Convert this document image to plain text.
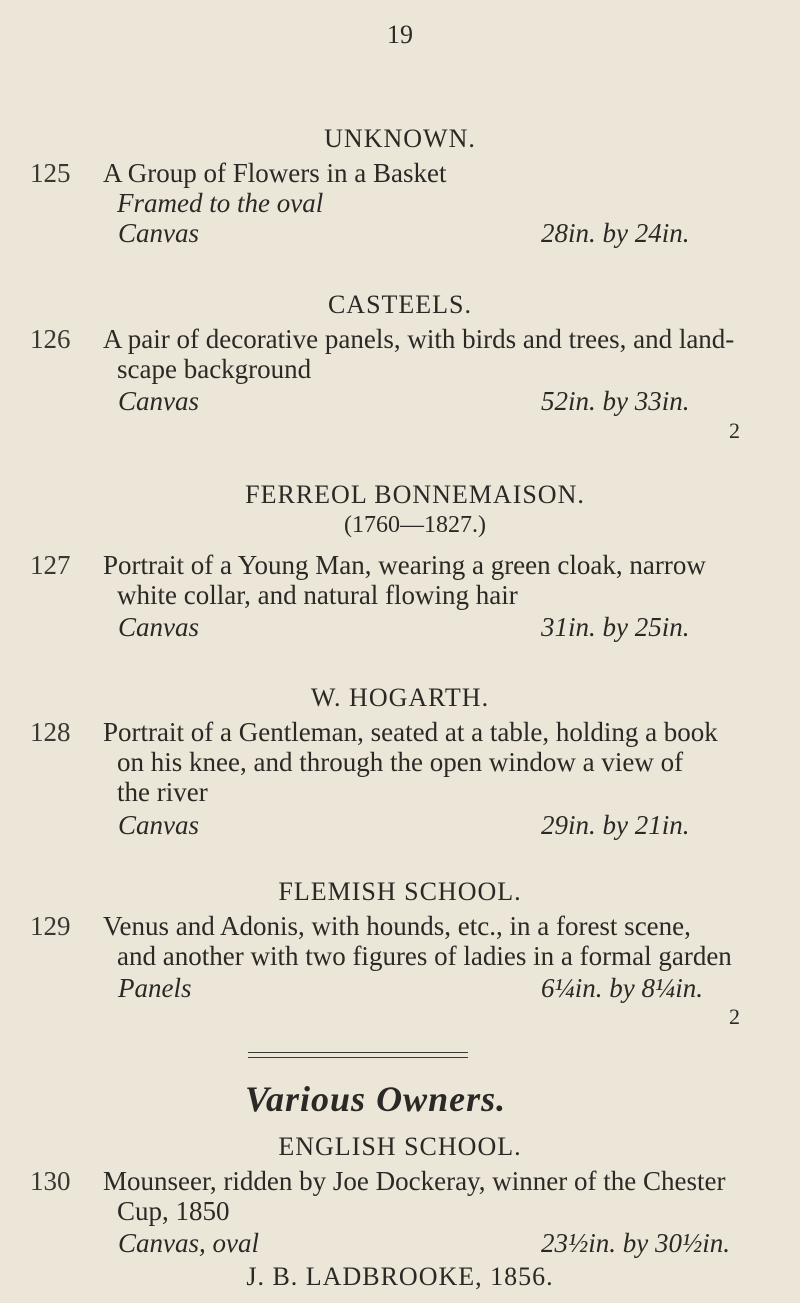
19
UNKNOWN.
125 A Group of Flowers in a Basket
Framed to the oval
Canvas	28in. by 24in.
CASTEELS.
126 A pair of decorative panels, with birds and trees, and land-
scape background
Canvas	52in. by 33in.
2
FERREOL BONNEMAISON.
(1760—1827.)
127 Portrait of a Young Man, wearing a green cloak, narrow
white collar, and natural flowing hair
Canvas	31in. by 25in.
W. HOGARTH.
128 Portrait of a Gentleman, seated at a table, holding a book
on his knee, and through the open window a view of
the river
Canvas	29in. by 21in.
FLEMISH SCHOOL.
129 Venus and Adonis, with hounds, etc., in a forest scene,
and another with two figures of ladies in a formal garden
Panels	6¼in. by 8¼in.
2
Various Owners.
ENGLISH SCHOOL.
130 Mounseer, ridden by Joe Dockeray, winner of the Chester
Cup, 1850
Canvas, oval	23½in. by 30½in.
J. B. LADBROOKE, 1856.
